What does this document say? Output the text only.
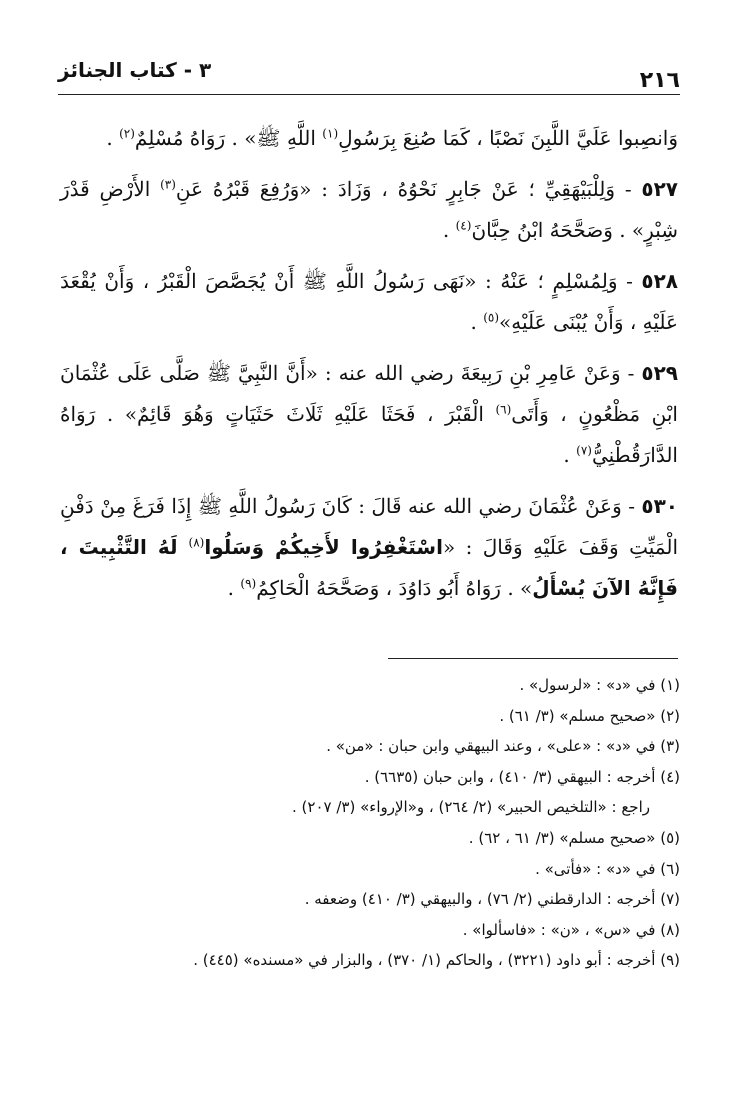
٢١٦
٣ - كتاب الجنائز

وَانصِبوا عَلَيَّ اللَّبِنَ نَصْبًا ، كَمَا صُنِعَ بِرَسُولِ$^{(١)}$ اللَّهِ ﷺ» . رَوَاهُ مُسْلِمٌ$^{(٢)}$ .

٥٢٧ - وَلِلْبَيْهَقِيِّ ؛ عَنْ جَابِرٍ نَحْوُهُ ، وَزَادَ : «وَرُفِعَ قَبْرُهُ عَنِ$^{(٣)}$ الأَرْضِ قَدْرَ شِبْرٍ» . وَصَحَّحَهُ ابْنُ حِبَّانَ$^{(٤)}$ .

٥٢٨ - وَلِمُسْلِمٍ ؛ عَنْهُ : «نَهَى رَسُولُ اللَّهِ ﷺ أَنْ يُجَصَّصَ الْقَبْرُ ، وَأَنْ يُقْعَدَ عَلَيْهِ ، وَأَنْ يُبْنَى عَلَيْهِ»$^{(٥)}$ .

٥٢٩ - وَعَنْ عَامِرِ بْنِ رَبِيعَةَ رضي الله عنه : «أَنَّ النَّبِيَّ ﷺ صَلَّى عَلَى عُثْمَانَ ابْنِ مَظْعُونٍ ، وَأَتَى$^{(٦)}$ الْقَبْرَ ، فَحَثَا عَلَيْهِ ثَلَاثَ حَثَيَاتٍ وَهُوَ قَائِمٌ» . رَوَاهُ الدَّارَقُطْنِيُّ$^{(٧)}$ .

٥٣٠ - وَعَنْ عُثْمَانَ رضي الله عنه قَالَ : كَانَ رَسُولُ اللَّهِ ﷺ إِذَا فَرَغَ مِنْ دَفْنِ الْمَيِّتِ وَقَفَ عَلَيْهِ وَقَالَ : «اسْتَغْفِرُوا لأَخِيكُمْ وَسَلُوا$^{(٨)}$ لَهُ التَّثْبِيتَ ، فَإِنَّهُ الآنَ يُسْأَلُ» . رَوَاهُ أَبُو دَاوُدَ ، وَصَحَّحَهُ الْحَاكِمُ$^{(٩)}$ .

(١) في «د» : «لرسول» .
(٢) «صحيح مسلم» (٣/ ٦١) .
(٣) في «د» : «على» ، وعند البيهقي وابن حبان : «من» .
(٤) أخرجه : البيهقي (٣/ ٤١٠) ، وابن حبان (٦٦٣٥) .
راجع : «التلخيص الحبير» (٢/ ٢٦٤) ، و«الإرواء» (٣/ ٢٠٧) .
(٥) «صحيح مسلم» (٣/ ٦١ ، ٦٢) .
(٦) في «د» : «فأتى» .
(٧) أخرجه : الدارقطني (٢/ ٧٦) ، والبيهقي (٣/ ٤١٠) وضعفه .
(٨) في «س» ، «ن» : «فاسألوا» .
(٩) أخرجه : أبو داود (٣٢٢١) ، والحاكم (١/ ٣٧٠) ، والبزار في «مسنده» (٤٤٥) .
